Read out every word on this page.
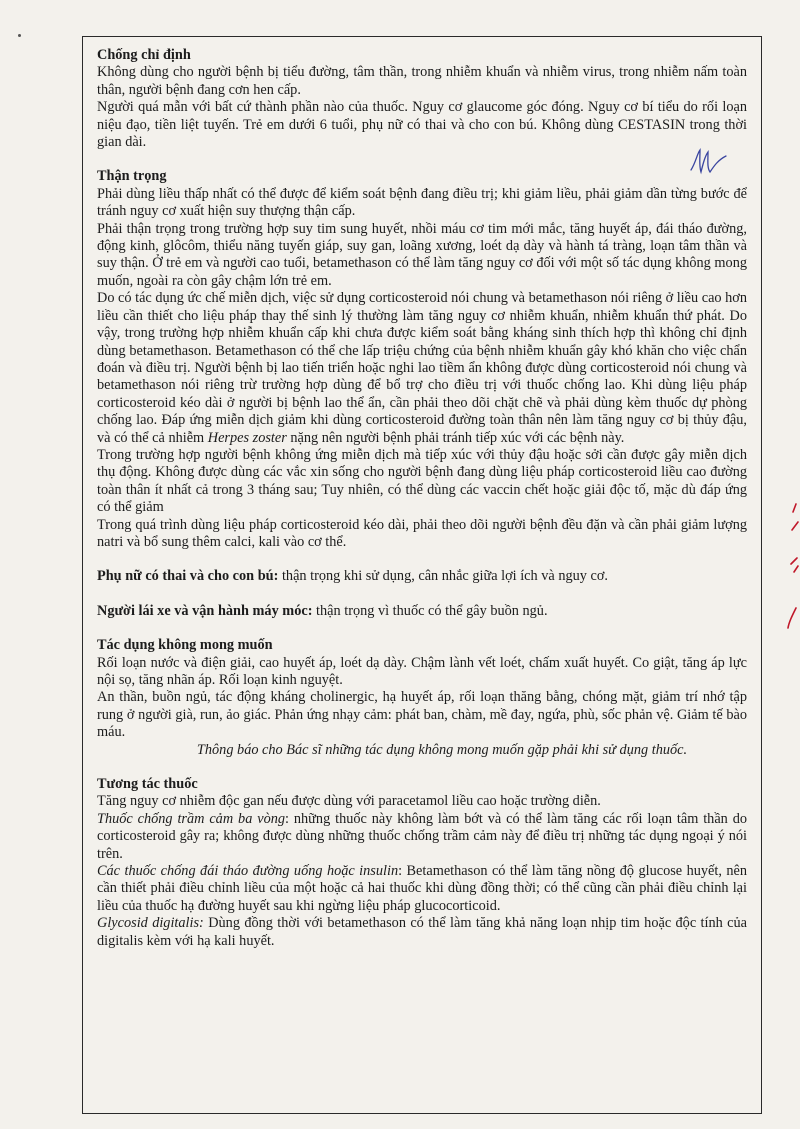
Chống chỉ định

Không dùng cho người bệnh bị tiểu đường, tâm thần, trong nhiễm khuẩn và nhiễm virus, trong nhiễm nấm toàn thân, người bệnh đang cơn hen cấp.

Người quá mẫn với bất cứ thành phần nào của thuốc. Nguy cơ glaucome góc đóng. Nguy cơ bí tiểu do rối loạn niệu đạo, tiền liệt tuyến. Trẻ em dưới 6 tuổi, phụ nữ có thai và cho con bú. Không dùng CESTASIN trong thời gian dài.

Thận trọng

Phải dùng liều thấp nhất có thể được để kiểm soát bệnh đang điều trị; khi giảm liều, phải giảm dần từng bước để tránh nguy cơ xuất hiện suy thượng thận cấp.

Phải thận trọng trong trường hợp suy tim sung huyết, nhồi máu cơ tim mới mắc, tăng huyết áp, đái tháo đường, động kinh, glôcôm, thiểu năng tuyến giáp, suy gan, loãng xương, loét dạ dày và hành tá tràng, loạn tâm thần và suy thận. Ở trẻ em và người cao tuổi, betamethason có thể làm tăng nguy cơ đối với một số tác dụng không mong muốn, ngoài ra còn gây chậm lớn trẻ em.

Do có tác dụng ức chế miễn dịch, việc sử dụng corticosteroid nói chung và betamethason nói riêng ở liều cao hơn liều cần thiết cho liệu pháp thay thế sinh lý thường làm tăng nguy cơ nhiễm khuẩn, nhiễm khuẩn thứ phát. Do vậy, trong trường hợp nhiễm khuẩn cấp khi chưa được kiểm soát bằng kháng sinh thích hợp thì không chỉ định dùng betamethason. Betamethason có thể che lấp triệu chứng của bệnh nhiễm khuẩn gây khó khăn cho việc chẩn đoán và điều trị. Người bệnh bị lao tiến triển hoặc nghi lao tiềm ẩn không được dùng corticosteroid nói chung và betamethason nói riêng trừ trường hợp dùng để bổ trợ cho điều trị với thuốc chống lao. Khi dùng liệu pháp corticosteroid kéo dài ở người bị bệnh lao thể ẩn, cần phải theo dõi chặt chẽ và phải dùng kèm thuốc dự phòng chống lao. Đáp ứng miễn dịch giảm khi dùng corticosteroid đường toàn thân nên làm tăng nguy cơ bị thủy đậu, và có thể cả nhiễm Herpes zoster nặng nên người bệnh phải tránh tiếp xúc với các bệnh này.

Trong trường hợp người bệnh không ứng miễn dịch mà tiếp xúc với thủy đậu hoặc sởi cần được gây miễn dịch thụ động. Không được dùng các vắc xin sống cho người bệnh đang dùng liệu pháp corticosteroid liều cao đường toàn thân ít nhất cả trong 3 tháng sau; Tuy nhiên, có thể dùng các vaccin chết hoặc giải độc tố, mặc dù đáp ứng có thể giảm

Trong quá trình dùng liệu pháp corticosteroid kéo dài, phải theo dõi người bệnh đều đặn và cần phải giảm lượng natri và bổ sung thêm calci, kali vào cơ thể.

Phụ nữ có thai và cho con bú: thận trọng khi sử dụng, cân nhắc giữa lợi ích và nguy cơ.

Người lái xe và vận hành máy móc: thận trọng vì thuốc có thể gây buồn ngủ.

Tác dụng không mong muốn

Rối loạn nước và điện giải, cao huyết áp, loét dạ dày. Chậm lành vết loét, chấm xuất huyết. Co giật, tăng áp lực nội sọ, tăng nhãn áp. Rối loạn kinh nguyệt.

An thần, buồn ngủ, tác động kháng cholinergic, hạ huyết áp, rối loạn thăng bằng, chóng mặt, giảm trí nhớ tập rung ở người già, run, ảo giác. Phản ứng nhạy cảm: phát ban, chàm, mề đay, ngứa, phù, sốc phản vệ. Giảm tế bào máu.

Thông báo cho Bác sĩ những tác dụng không mong muốn gặp phải khi sử dụng thuốc.

Tương tác thuốc

Tăng nguy cơ nhiễm độc gan nếu được dùng với paracetamol liều cao hoặc trường diễn.

Thuốc chống trầm cảm ba vòng: những thuốc này không làm bớt và có thể làm tăng các rối loạn tâm thần do corticosteroid gây ra; không được dùng những thuốc chống trầm cảm này để điều trị những tác dụng ngoại ý nói trên.

Các thuốc chống đái tháo đường uống hoặc insulin: Betamethason có thể làm tăng nồng độ glucose huyết, nên cần thiết phải điều chỉnh liều của một hoặc cả hai thuốc khi dùng đồng thời; có thể cũng cần phải điều chỉnh lại liều của thuốc hạ đường huyết sau khi ngừng liệu pháp glucocorticoid.

Glycosid digitalis: Dùng đồng thời với betamethason có thể làm tăng khả năng loạn nhịp tim hoặc độc tính của digitalis kèm với hạ kali huyết.
